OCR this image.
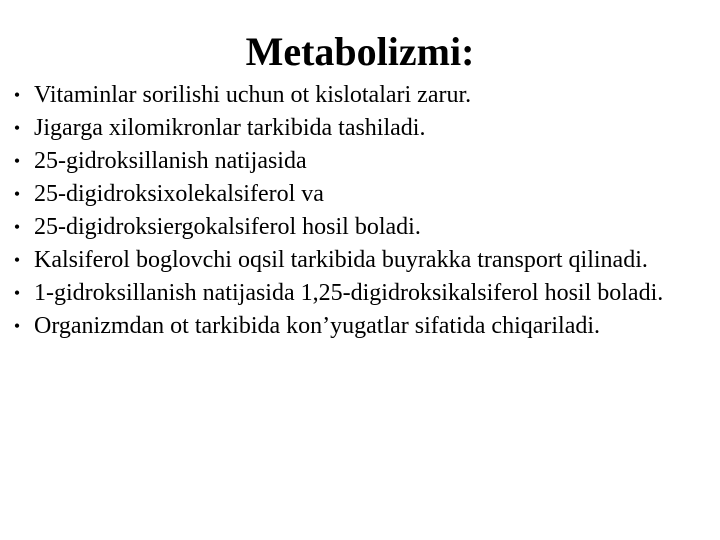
Metabolizmi:
• Vitaminlar sorilishi uchun ot kislotalari zarur.
• Jigarga xilomikronlar tarkibida tashiladi.
• 25-gidroksillanish natijasida
• 25-digidroksixolekalsiferol va
• 25-digidroksiergokalsiferol hosil boladi.
• Kalsiferol boglovchi oqsil tarkibida buyrakka transport qilinadi.
• 1-gidroksillanish natijasida 1,25-digidroksikalsiferol hosil boladi.
• Organizmdan ot tarkibida kon’yugatlar sifatida chiqariladi.
